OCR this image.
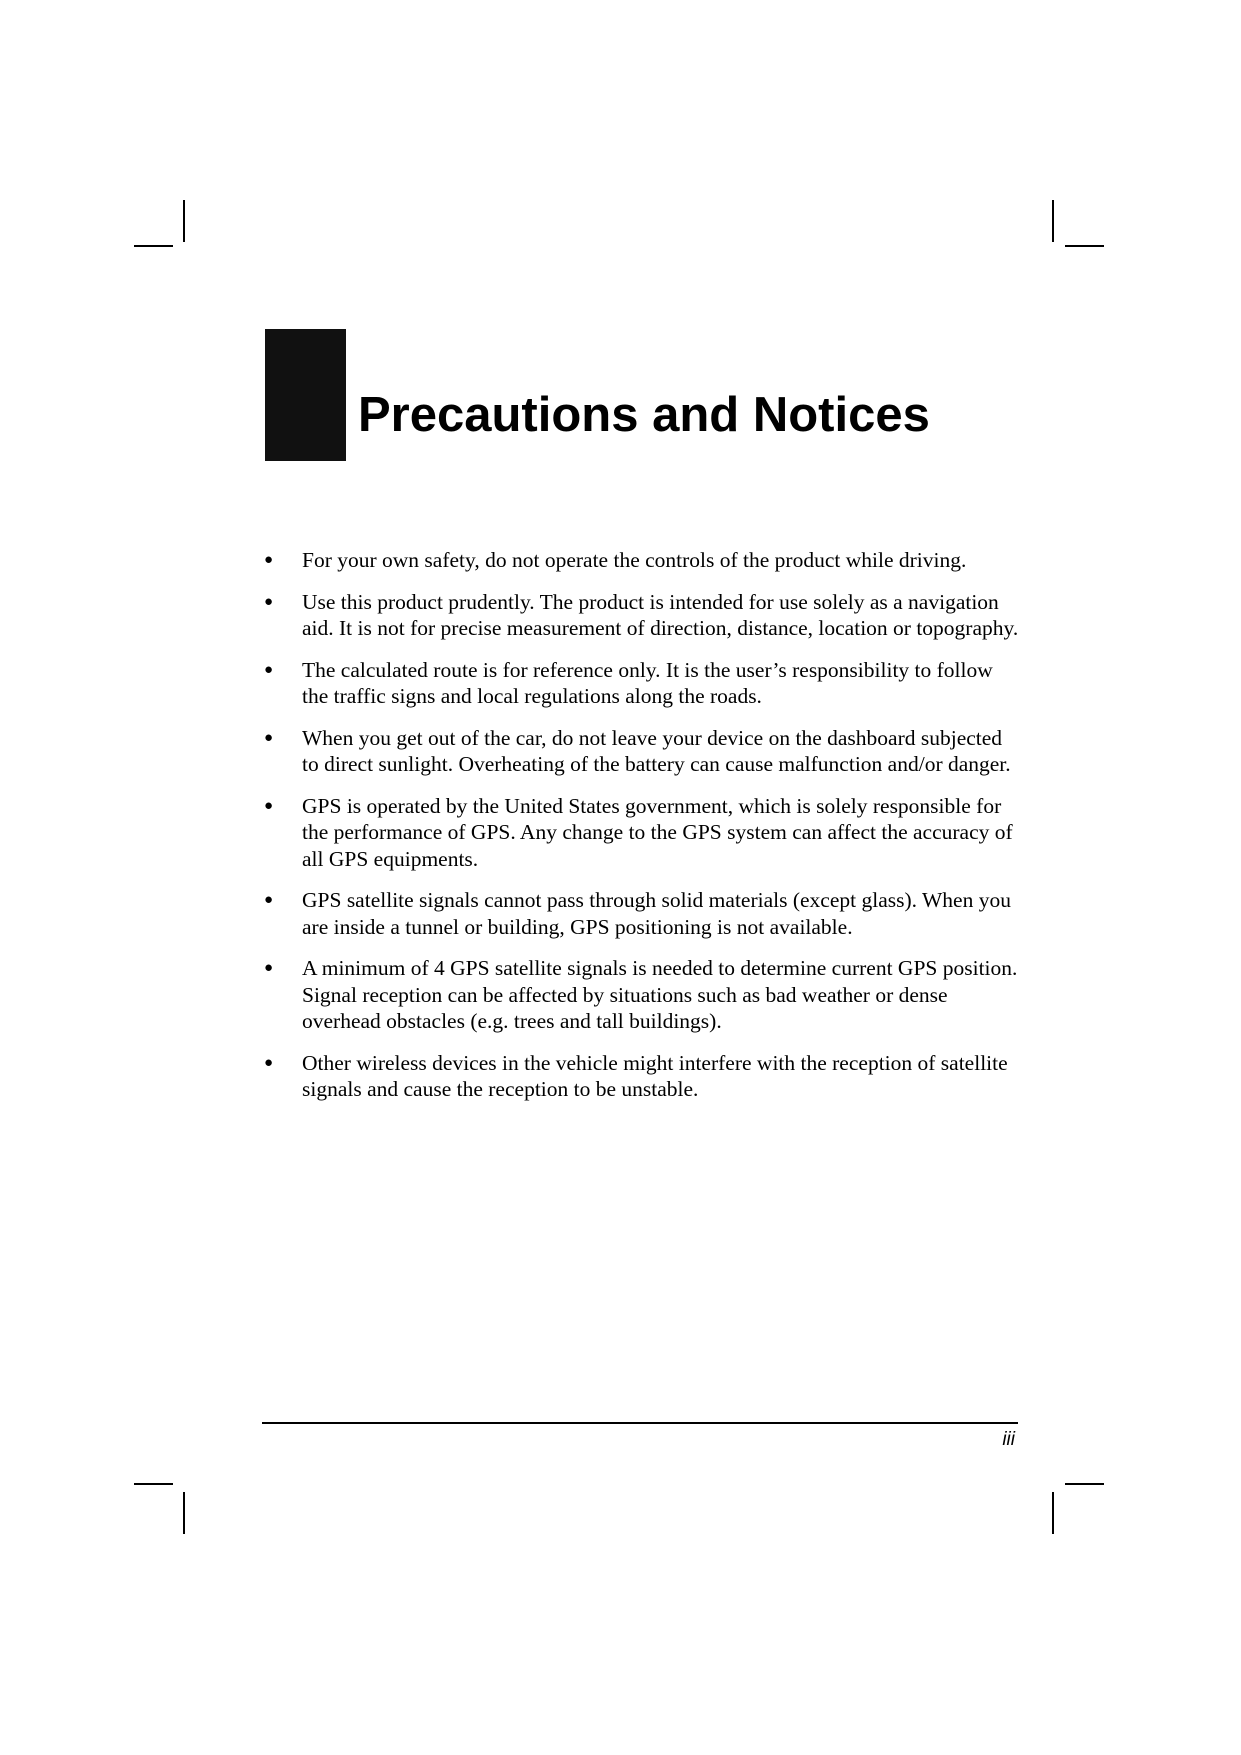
Precautions and Notices
● For your own safety, do not operate the controls of the product while driving.
● Use this product prudently. The product is intended for use solely as a navigation aid. It is not for precise measurement of direction, distance, location or topography.
● The calculated route is for reference only. It is the user’s responsibility to follow the traffic signs and local regulations along the roads.
● When you get out of the car, do not leave your device on the dashboard subjected to direct sunlight. Overheating of the battery can cause malfunction and/or danger.
● GPS is operated by the United States government, which is solely responsible for the performance of GPS. Any change to the GPS system can affect the accuracy of all GPS equipments.
● GPS satellite signals cannot pass through solid materials (except glass). When you are inside a tunnel or building, GPS positioning is not available.
● A minimum of 4 GPS satellite signals is needed to determine current GPS position. Signal reception can be affected by situations such as bad weather or dense overhead obstacles (e.g. trees and tall buildings).
● Other wireless devices in the vehicle might interfere with the reception of satellite signals and cause the reception to be unstable.
iii
